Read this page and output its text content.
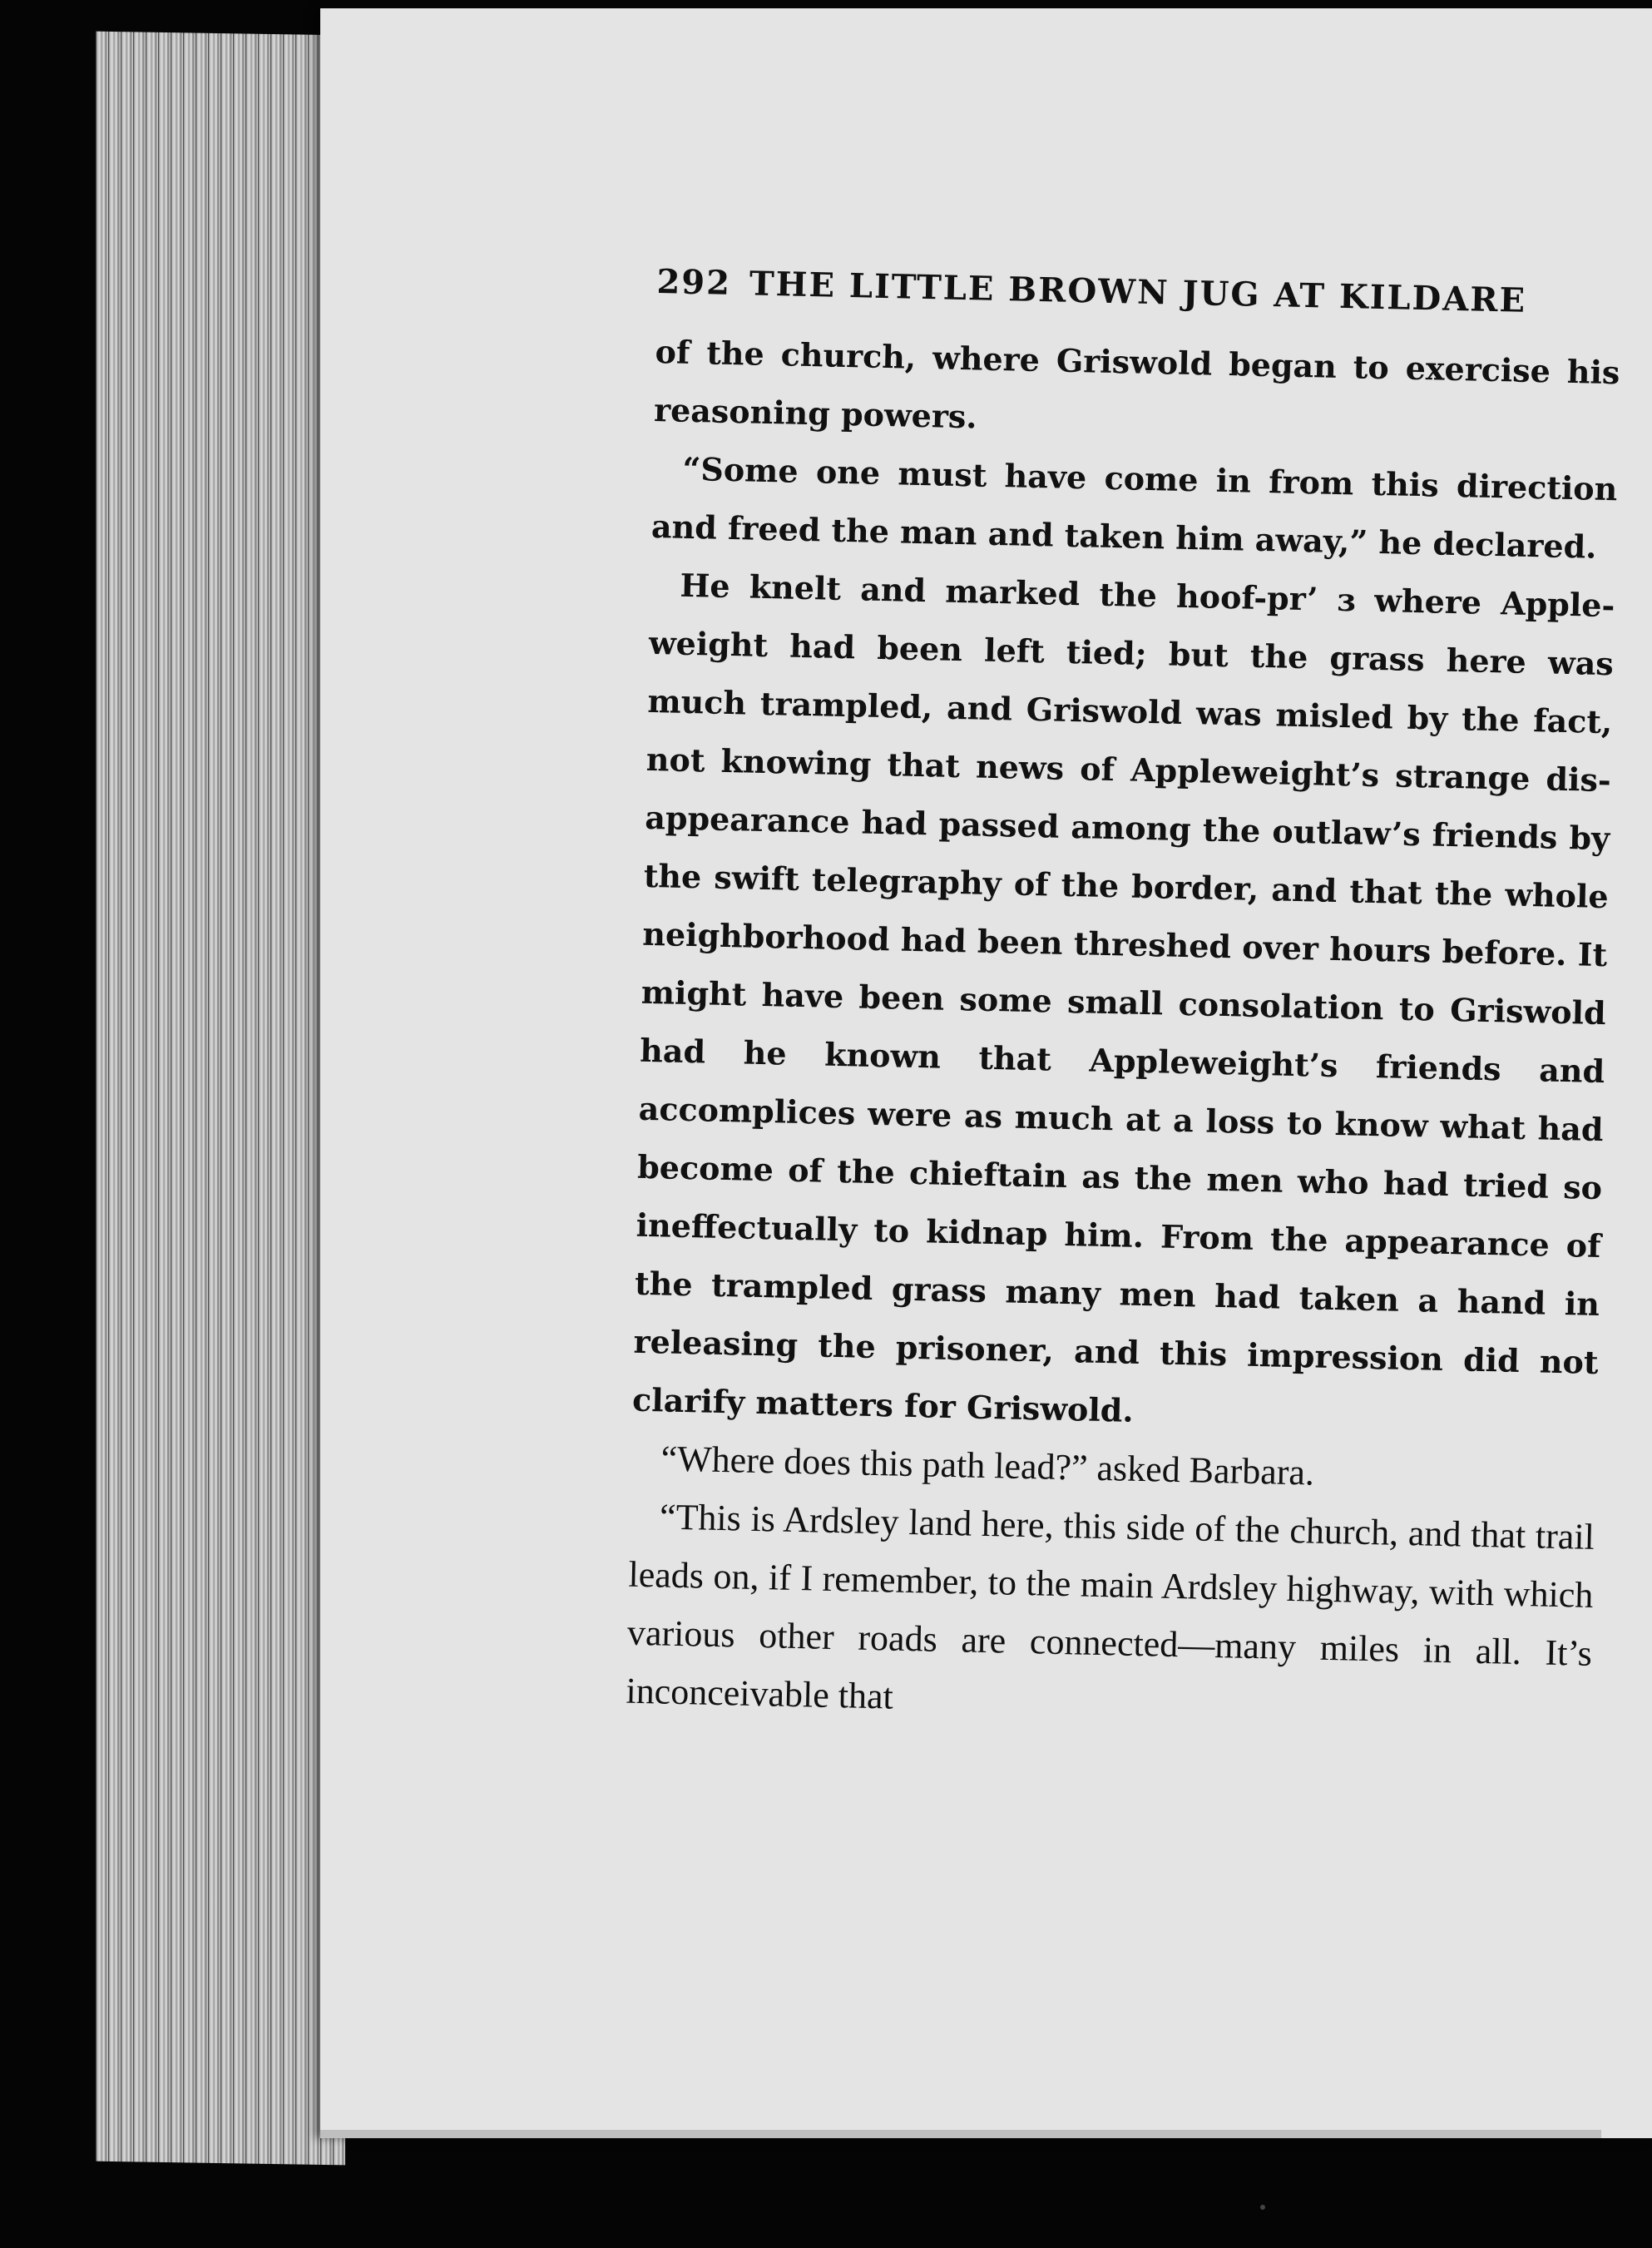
292 THE LITTLE BROWN JUG AT KILDARE

of the church, where Griswold began to exercise his reasoning powers.

“Some one must have come in from this direction and freed the man and taken him away,” he declared.

He knelt and marked the hoof-pr’ ɜ where Apple-weight had been left tied; but the grass here was much trampled, and Griswold was misled by the fact, not knowing that news of Appleweight’s strange dis-appearance had passed among the outlaw’s friends by the swift telegraphy of the border, and that the whole neighborhood had been threshed over hours before. It might have been some small consolation to Griswold had he known that Appleweight’s friends and accomplices were as much at a loss to know what had become of the chieftain as the men who had tried so ineffectually to kidnap him. From the appearance of the trampled grass many men had taken a hand in releasing the prisoner, and this impression did not clarify matters for Griswold.

“Where does this path lead?” asked Barbara.

“This is Ardsley land here, this side of the church, and that trail leads on, if I remember, to the main Ardsley highway, with which various other roads are connected—many miles in all. It’s inconceivable that
